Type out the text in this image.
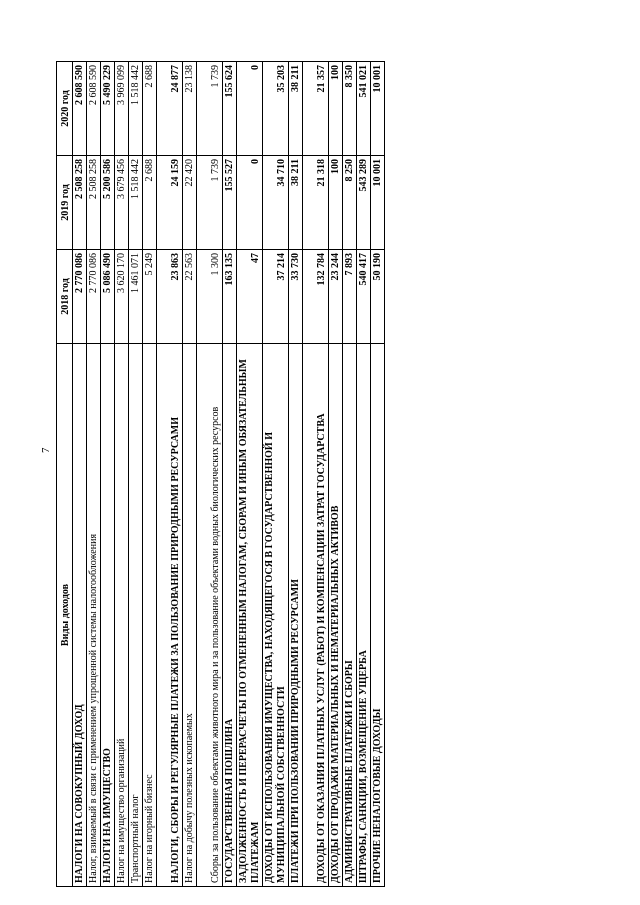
7
Виды доходов	2018 год	2019 год	2020 год
НАЛОГИ НА СОВОКУПНЫЙ ДОХОД	2 770 086	2 508 258	2 608 590
Налог, взимаемый в связи с применением упрощенной системы налогообложения	2 770 086	2 508 258	2 608 590
НАЛОГИ НА ИМУЩЕСТВО	5 086 490	5 200 586	5 490 229
Налог на имущество организаций	3 620 170	3 679 456	3 969 099
Транспортный налог	1 461 071	1 518 442	1 518 442
Налог на игорный бизнес	5 249	2 688	2 688
НАЛОГИ, СБОРЫ И РЕГУЛЯРНЫЕ ПЛАТЕЖИ ЗА ПОЛЬЗОВАНИЕ ПРИРОДНЫМИ РЕСУРСАМИ	23 863	24 159	24 877
Налог на добычу полезных ископаемых	22 563	22 420	23 138
Сборы за пользование объектами животного мира и за пользование объектами водных биологических ресурсов	1 300	1 739	1 739
ГОСУДАРСТВЕННАЯ ПОШЛИНА	163 135	155 527	155 624
ЗАДОЛЖЕННОСТЬ И ПЕРЕРАСЧЕТЫ ПО ОТМЕНЕННЫМ НАЛОГАМ, СБОРАМ И ИНЫМ ОБЯЗАТЕЛЬНЫМ ПЛАТЕЖАМ	47	0	0
ДОХОДЫ ОТ ИСПОЛЬЗОВАНИЯ ИМУЩЕСТВА, НАХОДЯЩЕГОСЯ В ГОСУДАРСТВЕННОЙ И МУНИЦИПАЛЬНОЙ СОБСТВЕННОСТИ	37 214	34 710	35 203
ПЛАТЕЖИ ПРИ ПОЛЬЗОВАНИИ ПРИРОДНЫМИ РЕСУРСАМИ	33 730	38 211	38 211
ДОХОДЫ ОТ ОКАЗАНИЯ ПЛАТНЫХ УСЛУГ (РАБОТ) И КОМПЕНСАЦИИ ЗАТРАТ ГОСУДАРСТВА	132 784	21 318	21 357
ДОХОДЫ ОТ ПРОДАЖИ МАТЕРИАЛЬНЫХ И НЕМАТЕРИАЛЬНЫХ АКТИВОВ	23 244	100	100
АДМИНИСТРАТИВНЫЕ ПЛАТЕЖИ И СБОРЫ	7 893	8 250	8 350
ШТРАФЫ, САНКЦИИ, ВОЗМЕЩЕНИЕ УЩЕРБА	540 417	543 289	541 021
ПРОЧИЕ НЕНАЛОГОВЫЕ ДОХОДЫ	50 190	10 001	10 001
